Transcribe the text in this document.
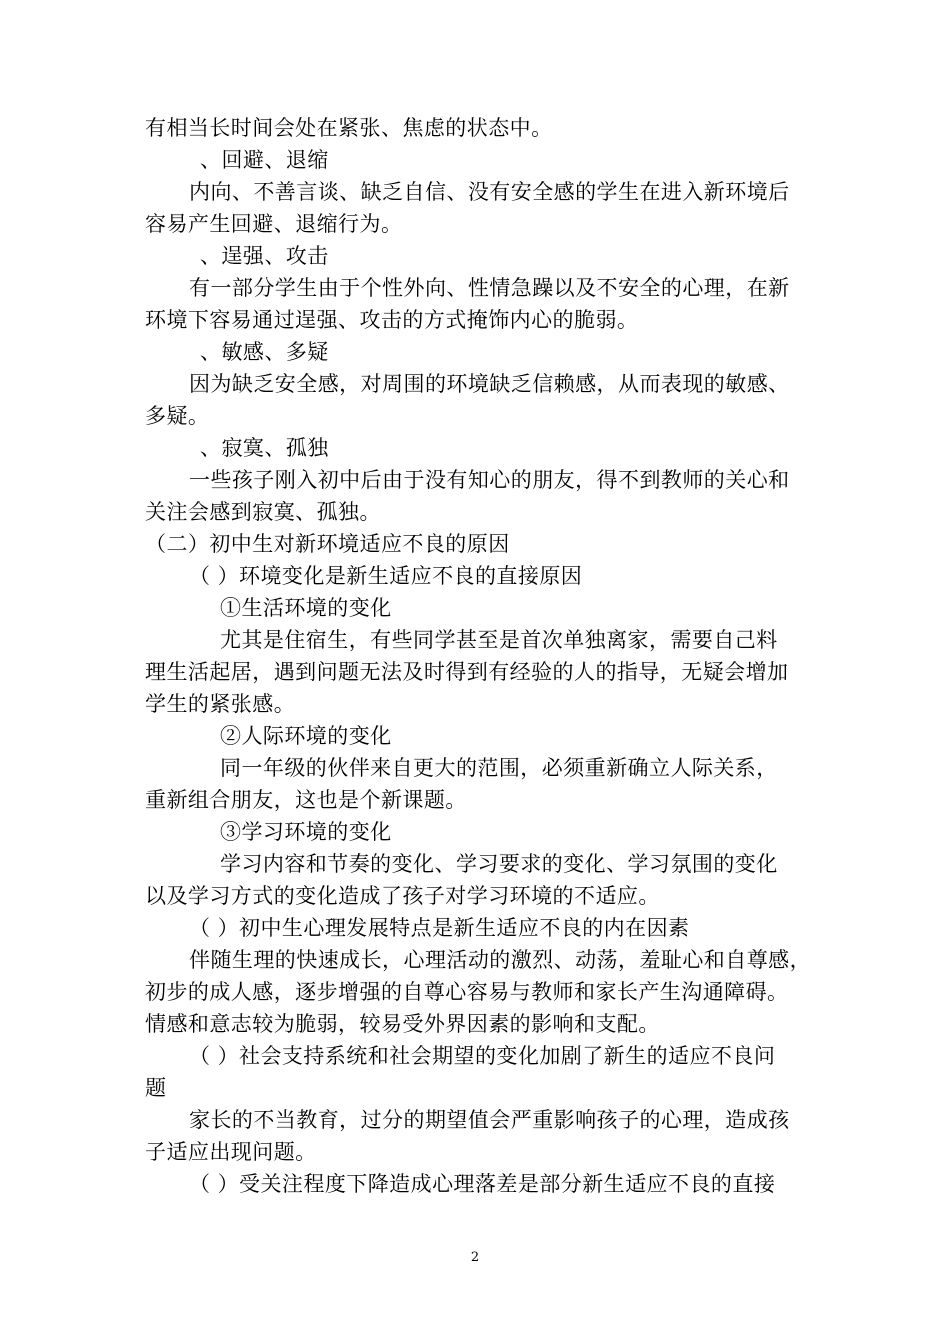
有相当长时间会处在紧张、焦虑的状态中。
、回避、退缩
内向、不善言谈、缺乏自信、没有安全感的学生在进入新环境后
容易产生回避、退缩行为。
、逞强、攻击
有一部分学生由于个性外向、性情急躁以及不安全的心理，在新
环境下容易通过逞强、攻击的方式掩饰内心的脆弱。
、敏感、多疑
因为缺乏安全感，对周围的环境缺乏信赖感，从而表现的敏感、
多疑。
、寂寞、孤独
一些孩子刚入初中后由于没有知心的朋友，得不到教师的关心和
关注会感到寂寞、孤独。
（二）初中生对新环境适应不良的原因
（ ）环境变化是新生适应不良的直接原因
①生活环境的变化
尤其是住宿生，有些同学甚至是首次单独离家，需要自己料
理生活起居，遇到问题无法及时得到有经验的人的指导，无疑会增加
学生的紧张感。
②人际环境的变化
同一年级的伙伴来自更大的范围，必须重新确立人际关系，
重新组合朋友，这也是个新课题。
③学习环境的变化
学习内容和节奏的变化、学习要求的变化、学习氛围的变化
以及学习方式的变化造成了孩子对学习环境的不适应。
（ ）初中生心理发展特点是新生适应不良的内在因素
伴随生理的快速成长，心理活动的激烈、动荡，羞耻心和自尊感，
初步的成人感，逐步增强的自尊心容易与教师和家长产生沟通障碍。
情感和意志较为脆弱，较易受外界因素的影响和支配。
（ ）社会支持系统和社会期望的变化加剧了新生的适应不良问
题
家长的不当教育，过分的期望值会严重影响孩子的心理，造成孩
子适应出现问题。
（ ）受关注程度下降造成心理落差是部分新生适应不良的直接
2
